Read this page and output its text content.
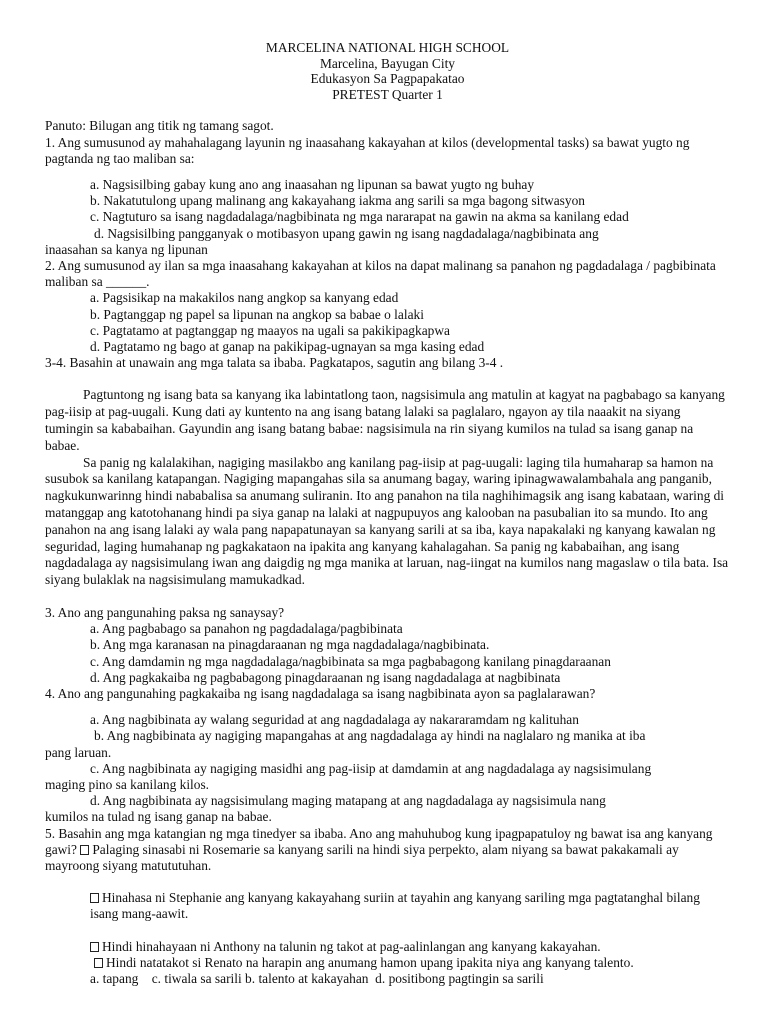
MARCELINA NATIONAL HIGH SCHOOL
Marcelina, Bayugan City
Edukasyon Sa Pagpapakatao
PRETEST Quarter 1

Panuto: Bilugan ang titik ng tamang sagot.

1. Ang sumusunod ay mahahalagang layunin ng inaasahang kakayahan at kilos (developmental tasks) sa bawat yugto ng pagtanda ng tao maliban sa:

a. Nagsisilbing gabay kung ano ang inaasahan ng lipunan sa bawat yugto ng buhay

b. Nakatutulong upang malinang ang kakayahang iakma ang sarili sa mga bagong sitwasyon

c. Nagtuturo sa isang nagdadalaga/nagbibinata ng mga nararapat na gawin na akma sa kanilang edad

d. Nagsisilbing pangganyak o motibasyon upang gawin ng isang nagdadalaga/nagbibinata ang

inaasahan sa kanya ng lipunan

2. Ang sumusunod ay ilan sa mga inaasahang kakayahan at kilos na dapat malinang sa panahon ng pagdadalaga / pagbibinata maliban sa ______.

a. Pagsisikap na makakilos nang angkop sa kanyang edad

b. Pagtanggap ng papel sa lipunan na angkop sa babae o lalaki

c. Pagtatamo at pagtanggap ng maayos na ugali sa pakikipagkapwa

d. Pagtatamo ng bago at ganap na pakikipag-ugnayan sa mga kasing edad

3-4. Basahin at unawain ang mga talata sa ibaba. Pagkatapos, sagutin ang bilang 3-4 .

Pagtuntong ng isang bata sa kanyang ika labintatlong taon, nagsisimula ang matulin at kagyat na pagbabago sa kanyang pag-iisip at pag-uugali. Kung dati ay kuntento na ang isang batang lalaki sa paglalaro, ngayon ay tila naaakit na siyang tumingin sa kababaihan. Gayundin ang isang batang babae: nagsisimula na rin siyang kumilos na tulad sa isang ganap na babae.

Sa panig ng kalalakihan, nagiging masilakbo ang kanilang pag-iisip at pag-uugali: laging tila humaharap sa hamon na susubok sa kanilang katapangan. Nagiging mapangahas sila sa anumang bagay, waring ipinagwawalambahala ang panganib, nagkukunwarinng hindi nababalisa sa anumang suliranin. Ito ang panahon na tila naghihimagsik ang isang kabataan, waring di matanggap ang katotohanang hindi pa siya ganap na lalaki at nagpupuyos ang kalooban na pasubalian ito sa mundo. Ito ang panahon na ang isang lalaki ay wala pang napapatunayan sa kanyang sarili at sa iba, kaya napakalaki ng kanyang kawalan ng seguridad, laging humahanap ng pagkakataon na ipakita ang kanyang kahalagahan. Sa panig ng kababaihan, ang isang nagdadalaga ay nagsisimulang iwan ang daigdig ng mga manika at laruan, nag-iingat na kumilos nang magaslaw o tila bata. Isa siyang bulaklak na nagsisimulang mamukadkad.

3. Ano ang pangunahing paksa ng sanaysay?

a. Ang pagbabago sa panahon ng pagdadalaga/pagbibinata

b. Ang mga karanasan na pinagdaraanan ng mga nagdadalaga/nagbibinata.

c. Ang damdamin ng mga nagdadalaga/nagbibinata sa mga pagbabagong kanilang pinagdaraanan

d. Ang pagkakaiba ng pagbabagong pinagdaraanan ng isang nagdadalaga at nagbibinata

4. Ano ang pangunahing pagkakaiba ng isang nagdadalaga sa isang nagbibinata ayon sa paglalarawan?

a. Ang nagbibinata ay walang seguridad at ang nagdadalaga ay nakararamdam ng kalituhan

b. Ang nagbibinata ay nagiging mapangahas at ang nagdadalaga ay hindi na naglalaro ng manika at iba

pang laruan.

c. Ang nagbibinata ay nagiging masidhi ang pag-iisip at damdamin at ang nagdadalaga ay nagsisimulang

maging pino sa kanilang kilos.

d. Ang nagbibinata ay nagsisimulang maging matapang at ang nagdadalaga ay nagsisimula nang

kumilos na tulad ng isang ganap na babae.

5. Basahin ang mga katangian ng mga tinedyer sa ibaba. Ano ang mahuhubog kung ipagpapatuloy ng bawat isa ang kanyang gawi? Palaging sinasabi ni Rosemarie sa kanyang sarili na hindi siya perpekto, alam niyang sa bawat pakakamali ay mayroong siyang matututuhan.

Hinahasa ni Stephanie ang kanyang kakayahang suriin at tayahin ang kanyang sariling mga pagtatanghal bilang isang mang-aawit.

Hindi hinahayaan ni Anthony na talunin ng takot at pag-aalinlangan ang kanyang kakayahan.

Hindi natatakot si Renato na harapin ang anumang hamon upang ipakita niya ang kanyang talento.

a. tapang    c. tiwala sa sarili b. talento at kakayahan  d. positibong pagtingin sa sarili
